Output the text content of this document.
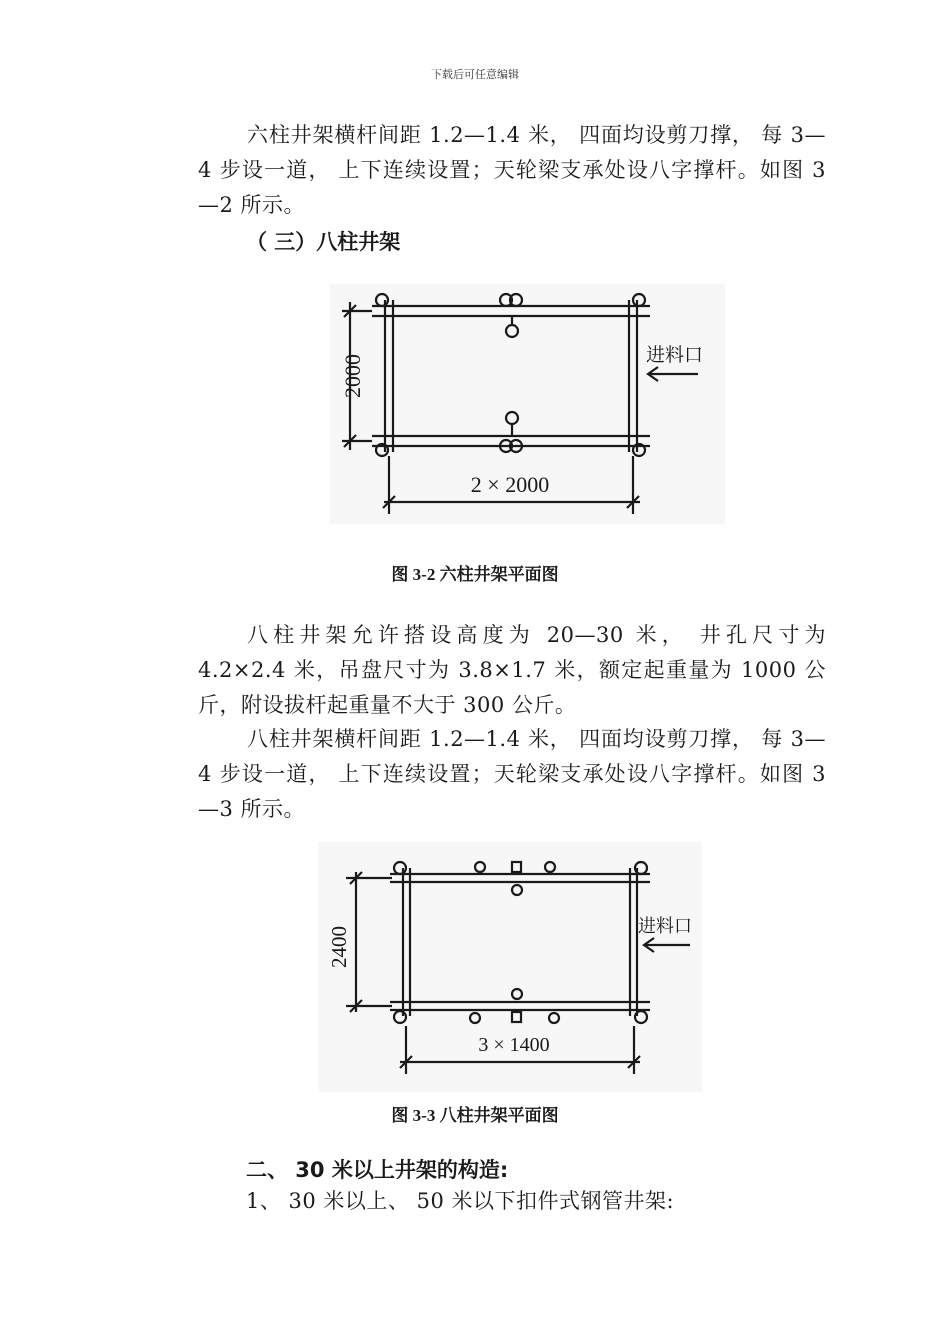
下载后可任意编辑
六柱井架横杆间距 1.2—1.4 米， 四面均设剪刀撑， 每 3—4 步设一道， 上下连续设置；天轮梁支承处设八字撑杆。如图 3—2 所示。
（ 三）八柱井架
2000
2 × 2000
进料口
图 3-2 六柱井架平面图
八柱井架允许搭设高度为 20—30 米， 井孔尺寸为 4.2×2.4 米，吊盘尺寸为 3.8×1.7 米，额定起重量为 1000 公斤，附设拔杆起重量不大于 300 公斤。
八柱井架横杆间距 1.2—1.4 米， 四面均设剪刀撑， 每 3—4 步设一道， 上下连续设置；天轮梁支承处设八字撑杆。如图 3—3 所示。
2400
3 × 1400
进料口
图 3-3 八柱井架平面图
二、 30 米以上井架的构造:
1、 30 米以上、 50 米以下扣件式钢管井架:
